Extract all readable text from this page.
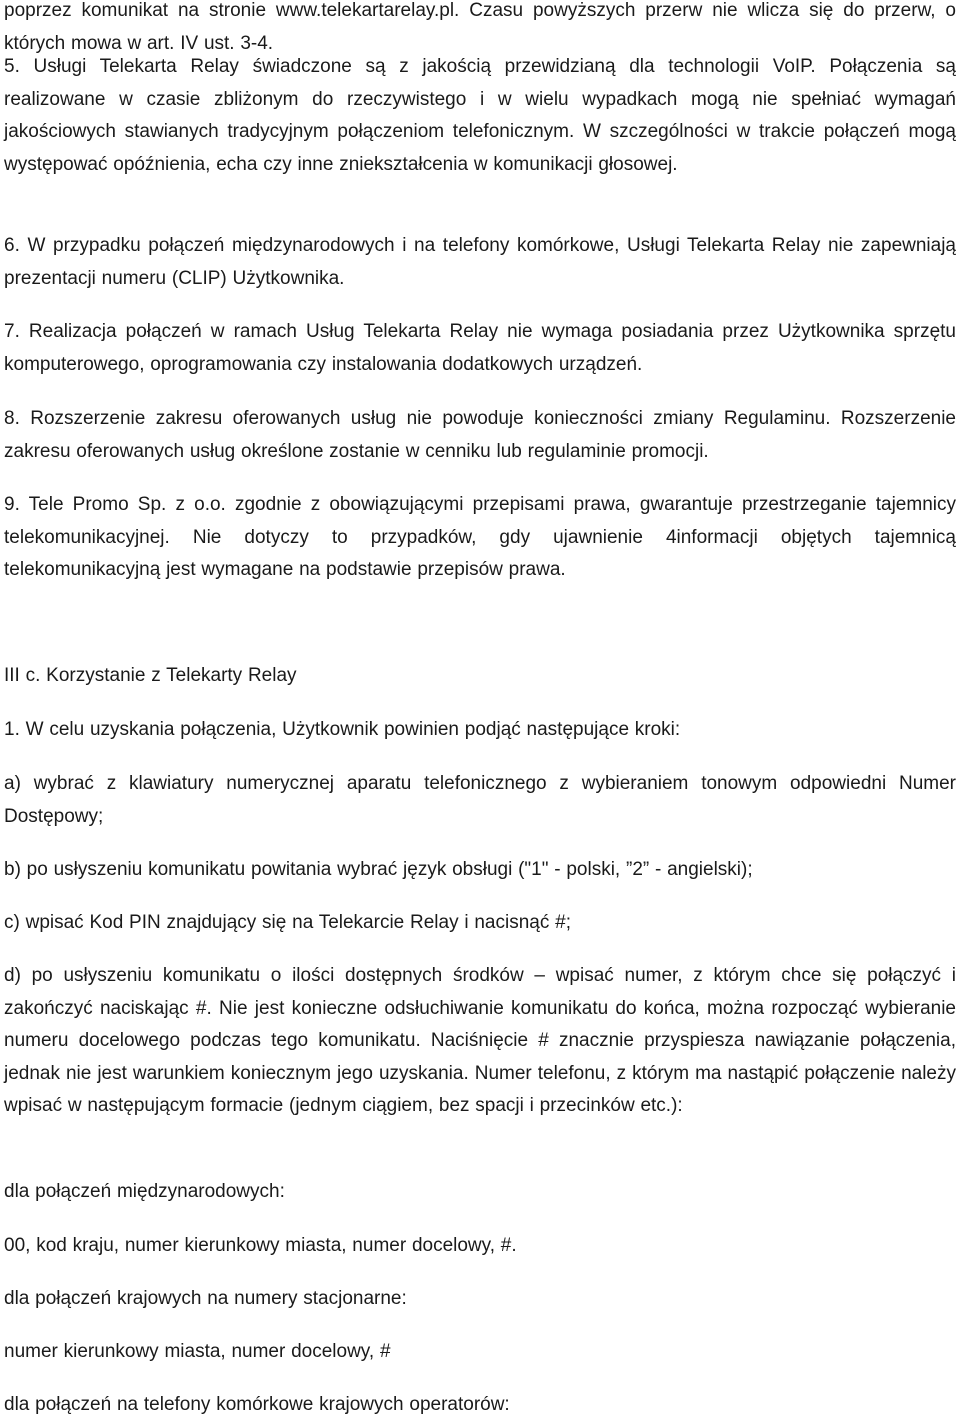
poprzez komunikat na stronie www.telekartarelay.pl. Czasu powyższych przerw nie wlicza się do przerw, o których mowa w art. IV ust. 3-4.

5. Usługi Telekarta Relay świadczone są z jakością przewidzianą dla technologii VoIP. Połączenia są realizowane w czasie zbliżonym do rzeczywistego i w wielu wypadkach mogą nie spełniać wymagań jakościowych stawianych tradycyjnym połączeniom telefonicznym. W szczególności w trakcie połączeń mogą występować opóźnienia, echa czy inne zniekształcenia w komunikacji głosowej.

6. W przypadku połączeń międzynarodowych i na telefony komórkowe, Usługi Telekarta Relay nie zapewniają prezentacji numeru (CLIP) Użytkownika.

7. Realizacja połączeń w ramach Usług Telekarta Relay nie wymaga posiadania przez Użytkownika sprzętu komputerowego, oprogramowania czy instalowania dodatkowych urządzeń.

8. Rozszerzenie zakresu oferowanych usług nie powoduje konieczności zmiany Regulaminu. Rozszerzenie zakresu oferowanych usług określone zostanie w cenniku lub regulaminie promocji.

9. Tele Promo Sp. z o.o. zgodnie z obowiązującymi przepisami prawa, gwarantuje przestrzeganie tajemnicy telekomunikacyjnej. Nie dotyczy to przypadków, gdy ujawnienie 4informacji objętych tajemnicą telekomunikacyjną jest wymagane na podstawie przepisów prawa.

III c. Korzystanie z Telekarty Relay

1. W celu uzyskania połączenia, Użytkownik powinien podjąć następujące kroki:

a) wybrać z klawiatury numerycznej aparatu telefonicznego z wybieraniem tonowym odpowiedni Numer Dostępowy;

b) po usłyszeniu komunikatu powitania wybrać język obsługi ("1" - polski, ”2” - angielski);

c) wpisać Kod PIN znajdujący się na Telekarcie Relay i nacisnąć #;

d) po usłyszeniu komunikatu o ilości dostępnych środków – wpisać numer, z którym chce się połączyć i zakończyć naciskając #. Nie jest konieczne odsłuchiwanie komunikatu do końca, można rozpocząć wybieranie numeru docelowego podczas tego komunikatu. Naciśnięcie # znacznie przyspiesza nawiązanie połączenia, jednak nie jest warunkiem koniecznym jego uzyskania. Numer telefonu, z którym ma nastąpić połączenie należy wpisać w następującym formacie (jednym ciągiem, bez spacji i przecinków etc.):

dla połączeń międzynarodowych:

00, kod kraju, numer kierunkowy miasta, numer docelowy, #.

dla połączeń krajowych na numery stacjonarne:

numer kierunkowy miasta, numer docelowy, #

dla połączeń na telefony komórkowe krajowych operatorów:
